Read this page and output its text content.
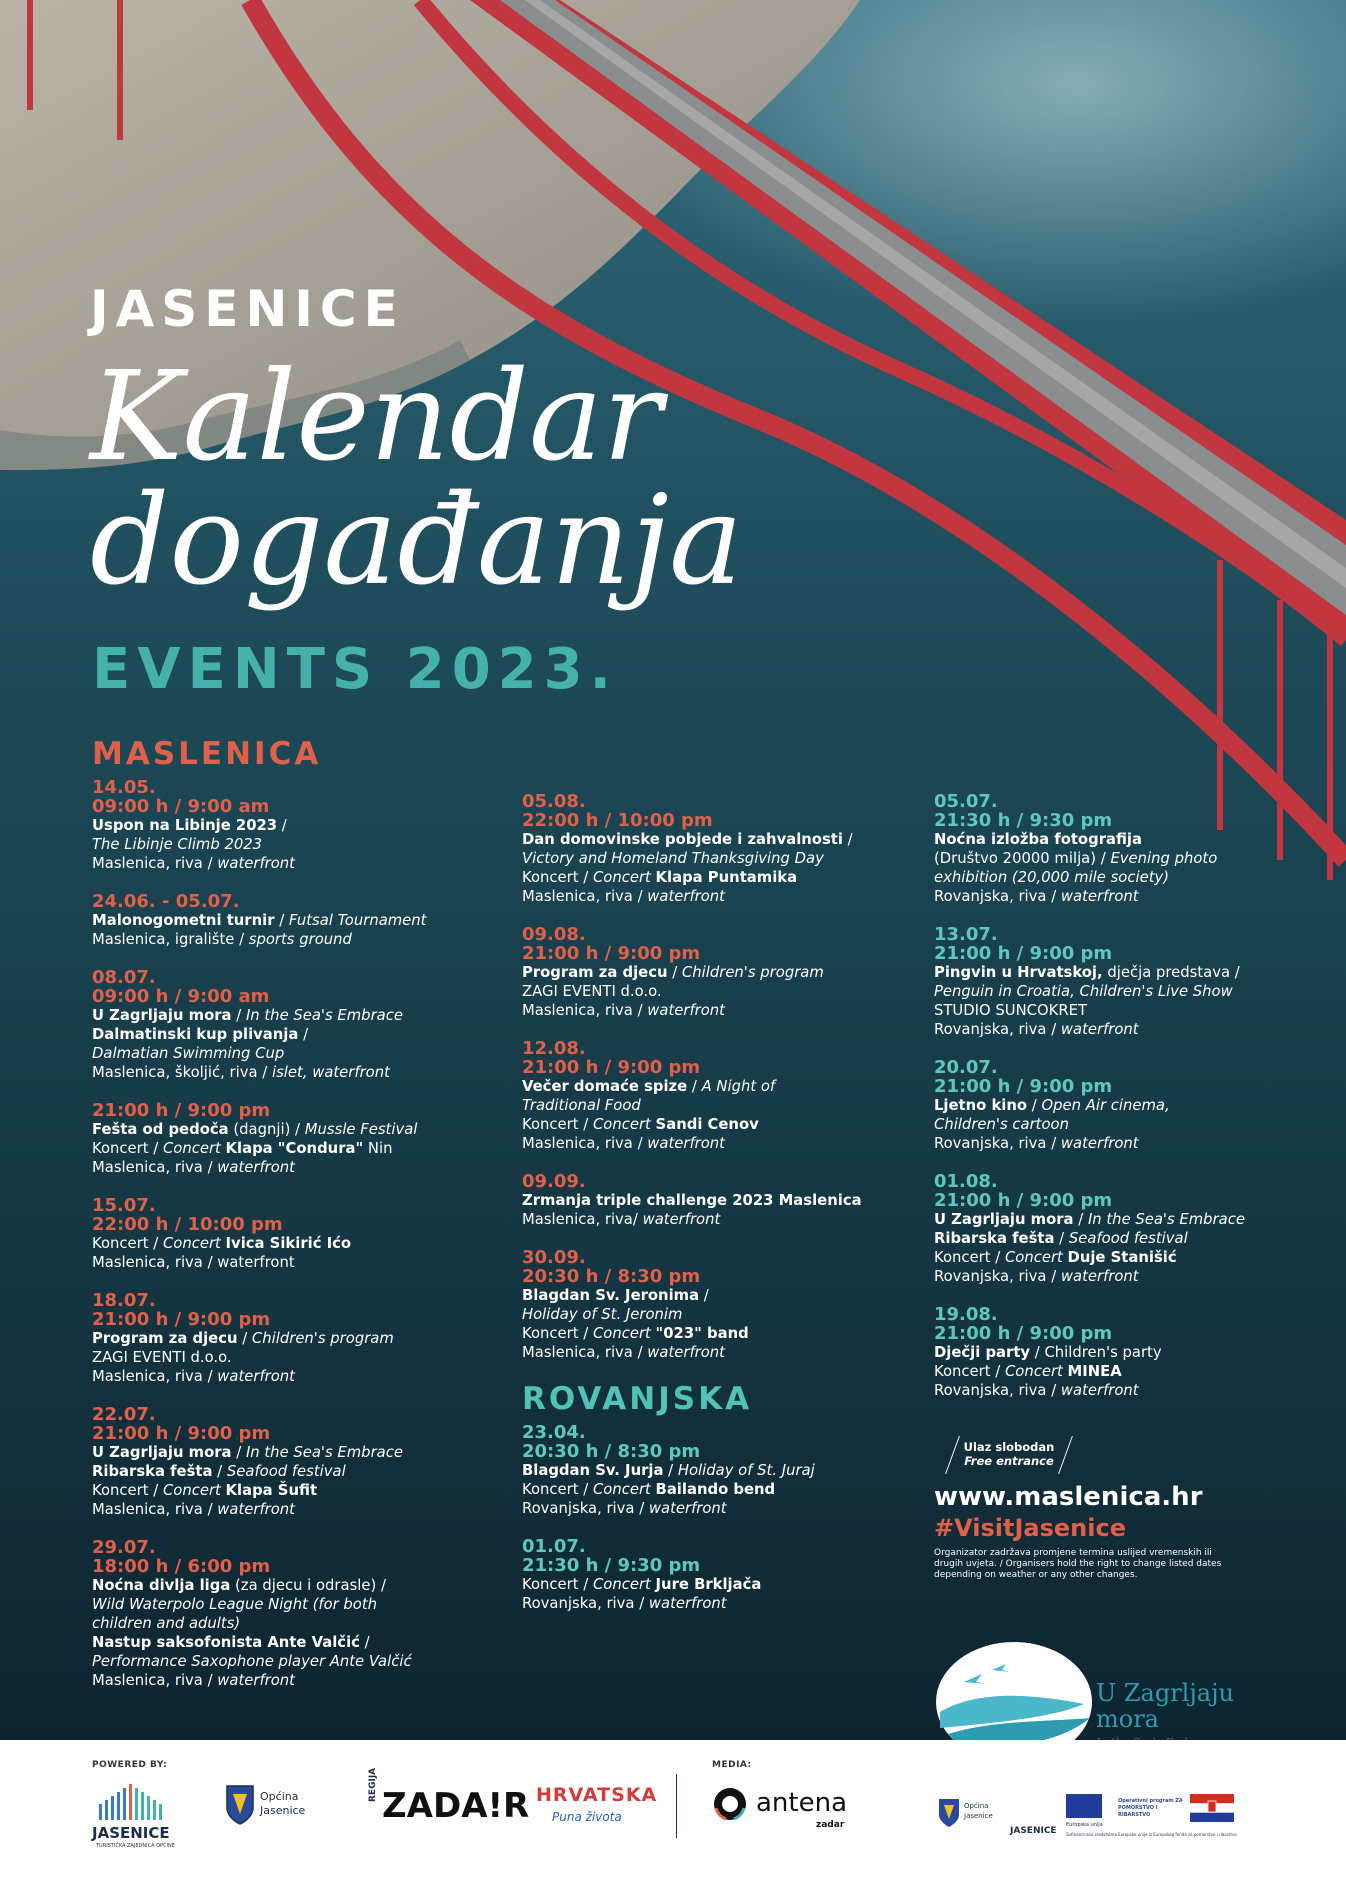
JASENICE
Kalendar
događanja
EVENTS 2023.
MASLENICA
14.05.
09:00 h / 9:00 am
Uspon na Libinje 2023 /
The Libinje Climb 2023
Maslenica, riva / waterfront
24.06. - 05.07.
Malonogometni turnir / Futsal Tournament
Maslenica, igralište / sports ground
08.07.
09:00 h / 9:00 am
U Zagrljaju mora / In the Sea's Embrace
Dalmatinski kup plivanja /
Dalmatian Swimming Cup
Maslenica, školjić, riva / islet, waterfront
21:00 h / 9:00 pm
Fešta od pedoča (dagnji) / Mussle Festival
Koncert / Concert Klapa "Condura" Nin
Maslenica, riva / waterfront
15.07.
22:00 h / 10:00 pm
Koncert / Concert Ivica Sikirić Ićo
Maslenica, riva / waterfront
18.07.
21:00 h / 9:00 pm
Program za djecu / Children's program
ZAGI EVENTI d.o.o.
Maslenica, riva / waterfront
22.07.
21:00 h / 9:00 pm
U Zagrljaju mora / In the Sea's Embrace
Ribarska fešta / Seafood festival
Koncert / Concert Klapa Šufit
Maslenica, riva / waterfront
29.07.
18:00 h / 6:00 pm
Noćna divlja liga (za djecu i odrasle) /
Wild Waterpolo League Night (for both children and adults)
Nastup saksofonista Ante Valčić /
Performance Saxophone player Ante Valčić
Maslenica, riva / waterfront
05.08.
22:00 h / 10:00 pm
Dan domovinske pobjede i zahvalnosti /
Victory and Homeland Thanksgiving Day
Koncert / Concert Klapa Puntamika
Maslenica, riva / waterfront
09.08.
21:00 h / 9:00 pm
Program za djecu / Children's program
ZAGI EVENTI d.o.o.
Maslenica, riva / waterfront
12.08.
21:00 h / 9:00 pm
Večer domaće spize / A Night of Traditional Food
Koncert / Concert Sandi Cenov
Maslenica, riva / waterfront
09.09.
Zrmanja triple challenge 2023 Maslenica
Maslenica, riva/ waterfront
30.09.
20:30 h / 8:30 pm
Blagdan Sv. Jeronima /
Holiday of St. Jeronim
Koncert / Concert "023" band
Maslenica, riva / waterfront
ROVANJSKA
23.04.
20:30 h / 8:30 pm
Blagdan Sv. Jurja / Holiday of St. Juraj
Koncert / Concert Bailando bend
Rovanjska, riva / waterfront
01.07.
21:30 h / 9:30 pm
Koncert / Concert Jure Brkljača
Rovanjska, riva / waterfront
05.07.
21:30 h / 9:30 pm
Noćna izložba fotografija
(Društvo 20000 milja) / Evening photo exhibition (20,000 mile society)
Rovanjska, riva / waterfront
13.07.
21:00 h / 9:00 pm
Pingvin u Hrvatskoj, dječja predstava /
Penguin in Croatia, Children's Live Show
STUDIO SUNCOKRET
Rovanjska, riva / waterfront
20.07.
21:00 h / 9:00 pm
Ljetno kino / Open Air cinema, Children's cartoon
Rovanjska, riva / waterfront
01.08.
21:00 h / 9:00 pm
U Zagrljaju mora / In the Sea's Embrace
Ribarska fešta / Seafood festival
Koncert / Concert Duje Stanišić
Rovanjska, riva / waterfront
19.08.
21:00 h / 9:00 pm
Dječji party / Children's party
Koncert / Concert MINEA
Rovanjska, riva / waterfront
Ulaz slobodan
Free entrance
www.maslenica.hr
#VisitJasenice
Organizator zadržava promjene termina uslijed vremenskih ili drugih uvjeta. / Organisers hold the right to change listed dates depending on weather or any other changes.
U Zagrljaju
mora
POWERED BY:	MEDIA:
JASENICE
TURISTIČKA ZAJEDNICA OPĆINE
Općina
Jasenice
REGIJA
ZADA!R HRVATSKA
Puna života	antena
zadar
Općina
Jasenice
JASENICE
Europska unija
Operativni program ZA POMORSTVO I RIBARSTVO
Sufinancirano sredstvima Europske unije iz Europskog fonda za pomorstvo i ribarstvo
